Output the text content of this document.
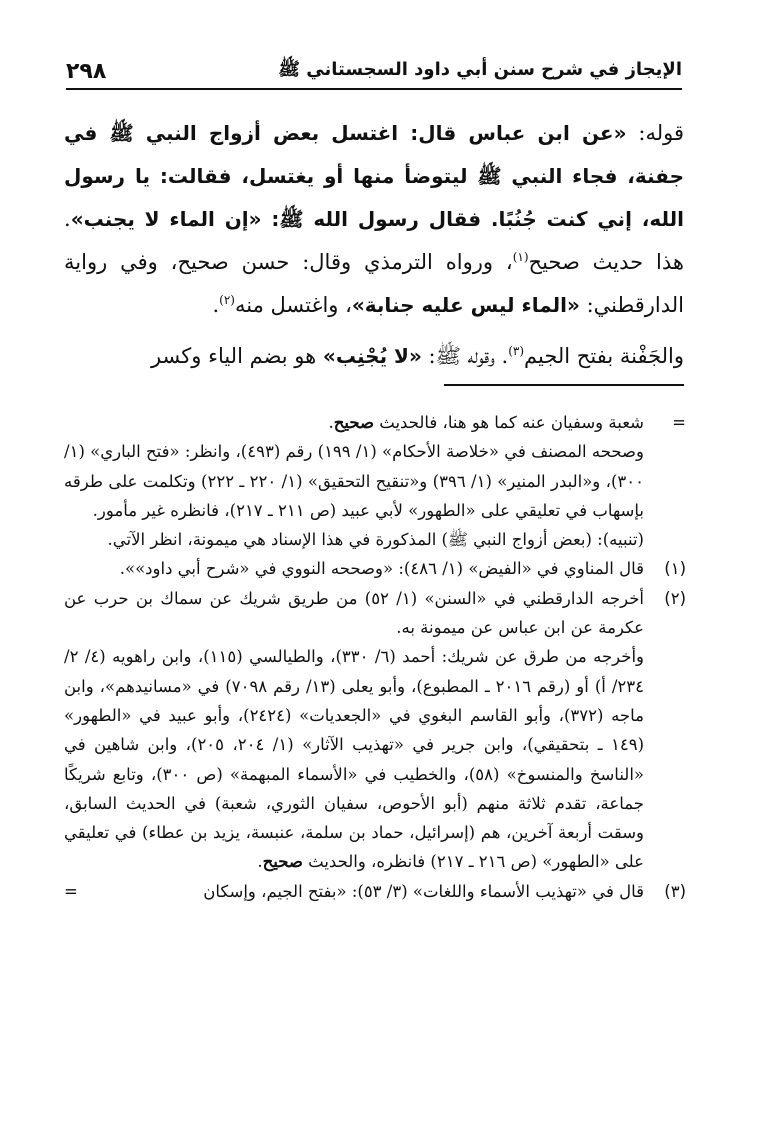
الإيجاز في شرح سنن أبي داود السجستاني ﷺ
٢٩٨

قوله: «عن ابن عباس قال: اغتسل بعض أزواج النبي ﷺ في جفنة، فجاء النبي ﷺ ليتوضأ منها أو يغتسل، فقالت: يا رسول الله، إني كنت جُنُبًا. فقال رسول الله ﷺ: «إن الماء لا يجنب». هذا حديث صحيح$^{(١)}$، ورواه الترمذي وقال: حسن صحيح، وفي رواية الدارقطني: «الماء ليس عليه جنابة»، واغتسل منه$^{(٢)}$.

والجَفْنة بفتح الجيم$^{(٣)}$. وقوله ﷺ: «لا يُجْنِب» هو بضم الياء وكسر

=

شعبة وسفيان عنه كما هو هنا، فالحديث صحيح.

وصححه المصنف في «خلاصة الأحكام» (١/ ١٩٩) رقم (٤٩٣)، وانظر: «فتح الباري» (١/ ٣٠٠)، و«البدر المنير» (١/ ٣٩٦) و«تنقيح التحقيق» (١/ ٢٢٠ ـ ٢٢٢) وتكلمت على طرقه بإسهاب في تعليقي على «الطهور» لأبي عبيد (ص ٢١١ ـ ٢١٧)، فانظره غير مأمور.

(تنبيه): (بعض أزواج النبي ﷺ) المذكورة في هذا الإسناد هي ميمونة، انظر الآتي.

(١)

قال المناوي في «الفيض» (١/ ٤٨٦): «وصححه النووي في «شرح أبي داود»».

(٢)

أخرجه الدارقطني في «السنن» (١/ ٥٢) من طريق شريك عن سماك بن حرب عن عكرمة عن ابن عباس عن ميمونة به.

وأخرجه من طرق عن شريك: أحمد (٦/ ٣٣٠)، والطيالسي (١١٥)، وابن راهويه (٤/ ٢/ ٢٣٤/ أ) أو (رقم ٢٠١٦ ـ المطبوع)، وأبو يعلى (١٣/ رقم ٧٠٩٨) في «مسانيدهم»، وابن ماجه (٣٧٢)، وأبو القاسم البغوي في «الجعديات» (٢٤٢٤)، وأبو عبيد في «الطهور» (١٤٩ ـ بتحقيقي)، وابن جرير في «تهذيب الآثار» (١/ ٢٠٤، ٢٠٥)، وابن شاهين في «الناسخ والمنسوخ» (٥٨)، والخطيب في «الأسماء المبهمة» (ص ٣٠٠)، وتابع شريكًا جماعة، تقدم ثلاثة منهم (أبو الأحوص، سفيان الثوري، شعبة) في الحديث السابق، وسقت أربعة آخرين، هم (إسرائيل، حماد بن سلمة، عنبسة، يزيد بن عطاء) في تعليقي على «الطهور» (ص ٢١٦ ـ ٢١٧) فانظره، والحديث صحيح.

(٣)

قال في «تهذيب الأسماء واللغات» (٣/ ٥٣): «بفتح الجيم، وإسكان
=
